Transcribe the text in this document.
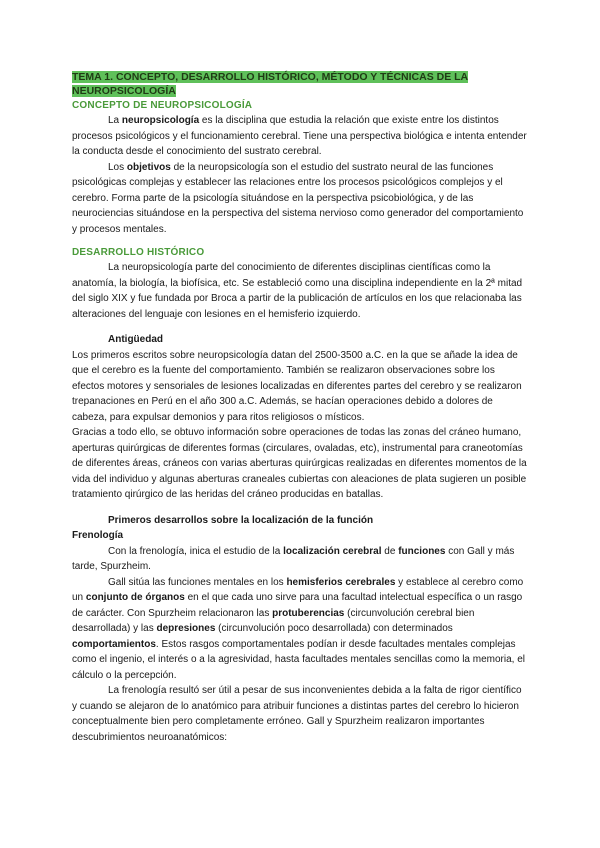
TEMA 1. CONCEPTO, DESARROLLO HISTÓRICO, MÉTODO Y TÉCNICAS DE LA NEUROPSICOLOGÍA
CONCEPTO DE NEUROPSICOLOGÍA

La neuropsicología es la disciplina que estudia la relación que existe entre los distintos procesos psicológicos y el funcionamiento cerebral. Tiene una perspectiva biológica e intenta entender la conducta desde el conocimiento del sustrato cerebral.

Los objetivos de la neuropsicología son el estudio del sustrato neural de las funciones psicológicas complejas y establecer las relaciones entre los procesos psicológicos complejos y el cerebro. Forma parte de la psicología situándose en la perspectiva psicobiológica, y de las neurociencias situándose en la perspectiva del sistema nervioso como generador del comportamiento y procesos mentales.

DESARROLLO HISTÓRICO

La neuropsicología parte del conocimiento de diferentes disciplinas científicas como la anatomía, la biología, la biofísica, etc. Se estableció como una disciplina independiente en la 2ª mitad del siglo XIX y fue fundada por Broca a partir de la publicación de artículos en los que relacionaba las alteraciones del lenguaje con lesiones en el hemisferio izquierdo.

Antigüedad

Los primeros escritos sobre neuropsicología datan del 2500-3500 a.C. en la que se añade la idea de que el cerebro es la fuente del comportamiento. También se realizaron observaciones sobre los efectos motores y sensoriales de lesiones localizadas en diferentes partes del cerebro y se realizaron trepanaciones en Perú en el año 300 a.C. Además, se hacían operaciones debido a dolores de cabeza, para expulsar demonios y para ritos religiosos o místicos.

Gracias a todo ello, se obtuvo información sobre operaciones de todas las zonas del cráneo humano, aperturas quirúrgicas de diferentes formas (circulares, ovaladas, etc), instrumental para craneotomías de diferentes áreas, cráneos con varias aberturas quirúrgicas realizadas en diferentes momentos de la vida del individuo y algunas aberturas craneales cubiertas con aleaciones de plata sugieren un posible tratamiento qirúrgico de las heridas del cráneo producidas en batallas.

Primeros desarrollos sobre la localización de la función
Frenología

Con la frenología, inica el estudio de la localización cerebral de funciones con Gall y más tarde, Spurzheim.

Gall sitúa las funciones mentales en los hemisferios cerebrales y establece al cerebro como un conjunto de órganos en el que cada uno sirve para una facultad intelectual específica o un rasgo de carácter. Con Spurzheim relacionaron las protuberencias (circunvolución cerebral bien desarrollada) y las depresiones (circunvolución poco desarrollada) con determinados comportamientos. Estos rasgos comportamentales podían ir desde facultades mentales complejas como el ingenio, el interés o a la agresividad, hasta facultades mentales sencillas como la memoria, el cálculo o la percepción.

La frenología resultó ser útil a pesar de sus inconvenientes debida a la falta de rigor científico y cuando se alejaron de lo anatómico para atribuir funciones a distintas partes del cerebro lo hicieron conceptualmente bien pero completamente erróneo. Gall y Spurzheim realizaron importantes descubrimientos neuroanatómicos:
